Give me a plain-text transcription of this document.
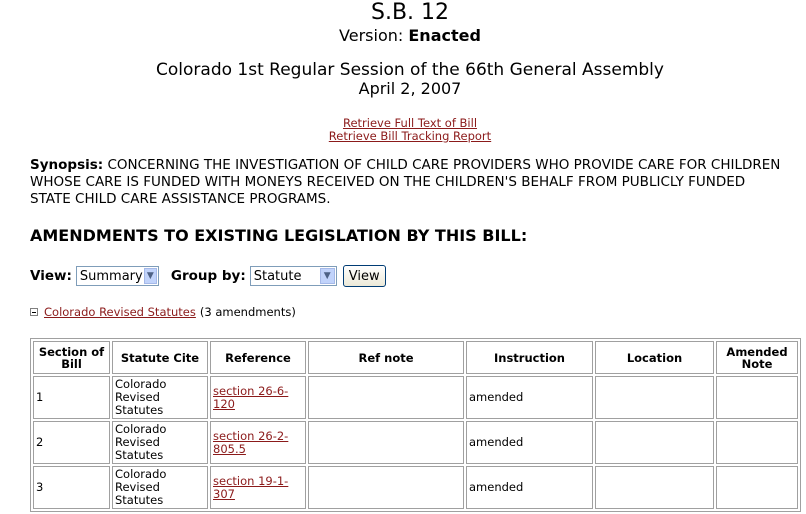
S.B. 12
Version: Enacted
Colorado 1st Regular Session of the 66th General Assembly
April 2, 2007
Retrieve Full Text of Bill
Retrieve Bill Tracking Report
Synopsis: CONCERNING THE INVESTIGATION OF CHILD CARE PROVIDERS WHO PROVIDE CARE FOR CHILDREN WHOSE CARE IS FUNDED WITH MONEYS RECEIVED ON THE CHILDREN'S BEHALF FROM PUBLICLY FUNDED STATE CHILD CARE ASSISTANCE PROGRAMS.
AMENDMENTS TO EXISTING LEGISLATION BY THIS BILL:
View: Summary ▼ Group by: Statute	▼	View
Colorado Revised Statutes (3 amendments)
Section of Bill	Statute Cite	Reference	Ref note	Instruction	Location	Amended Note
1	Colorado Revised Statutes	section 26-6-120		amended		
2	Colorado Revised Statutes	section 26-2-805.5		amended		
3	Colorado Revised Statutes	section 19-1-307		amended		
